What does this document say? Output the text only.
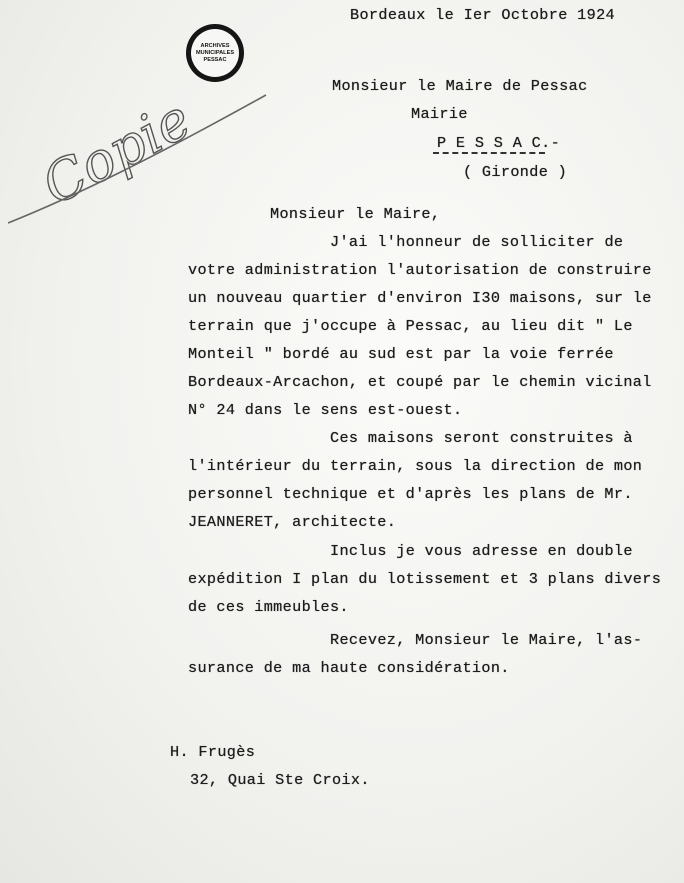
ARCHIVES
MUNICIPALES
PESSAC
Copie
Bordeaux le Ier Octobre 1924
Monsieur le Maire de Pessac
Mairie
P E S S A C.-
( Gironde )
Monsieur le Maire,
J'ai l'honneur de solliciter de
votre administration l'autorisation de construire
un nouveau quartier d'environ I30 maisons, sur le
terrain que j'occupe à Pessac, au lieu dit " Le
Monteil " bordé au sud est par la voie ferrée
Bordeaux-Arcachon, et coupé par le chemin vicinal
N° 24 dans le sens est-ouest.
Ces maisons seront construites à
l'intérieur du terrain, sous la direction de mon
personnel technique et d'après les plans de Mr.
JEANNERET, architecte.
Inclus je vous adresse en double
expédition I plan du lotissement et 3 plans divers
de ces immeubles.
Recevez, Monsieur le Maire, l'as-
surance de ma haute considération.
H. Frugès
32, Quai Ste Croix.
